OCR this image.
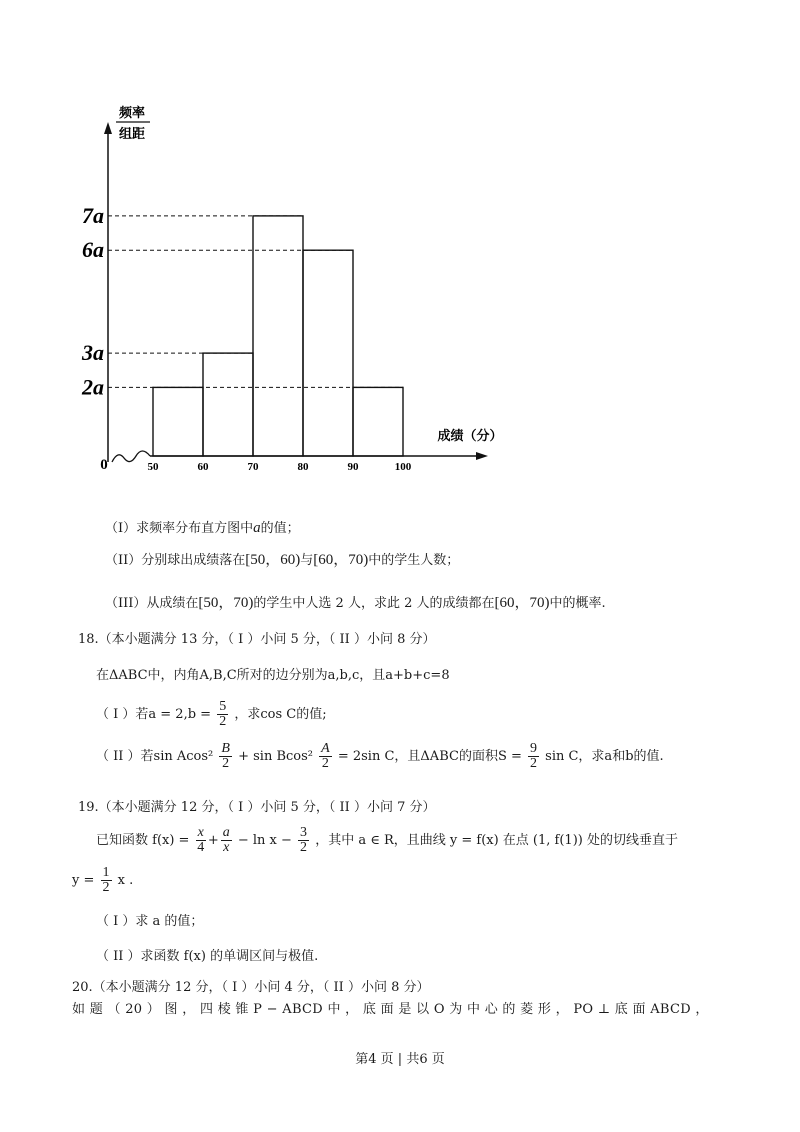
频率
组距
成绩（分）
0
2a
3a
6a
7a
50	60	70	80	90	100
（I）求频率分布直方图中a的值；
（II）分别球出成绩落在[50，60)与[60，70)中的学生人数；
（III）从成绩在[50，70)的学生中人选 2 人，求此 2 人的成绩都在[60，70)中的概率.
18.（本小题满分 13 分，（ I ）小问 5 分，（ II ）小问 8 分）
在ΔABC中，内角A,B,C所对的边分别为a,b,c，且a+b+c=8
（ I ）若$a = 2,b = \frac{5}{2}$ ，求cos C的值;
（ II ）若$\sin Acos^2 \frac{B}{2} + \sin Bcos^2 \frac{A}{2} = 2\sin$ C，且ΔABC的面积$S = \frac{9}{2}$ sin C，求a和b的值.
19.（本小题满分 12 分，（ I ）小问 5 分，（ II ）小问 7 分）
已知函数 $f(x) = \frac{x}{4} + \frac{a}{x} - \ln x - \frac{3}{2}$ ，其中 a ∈ R，且曲线 y = f(x) 在点 (1, f(1)) 处的切线垂直于
$y = \frac{1}{2}$ x .
（ I ）求 a 的值；
（ II ）求函数 f(x) 的单调区间与极值.
20.（本小题满分 12 分，（ I ）小问 4 分，（ II ）小问 8 分）
如 题 （ 20 ） 图 ， 四 棱 锥 P − ABCD 中 ， 底 面 是 以 O 为 中 心 的 菱 形 ， PO ⊥ 底 面 ABCD ，
第4 页 | 共6 页
